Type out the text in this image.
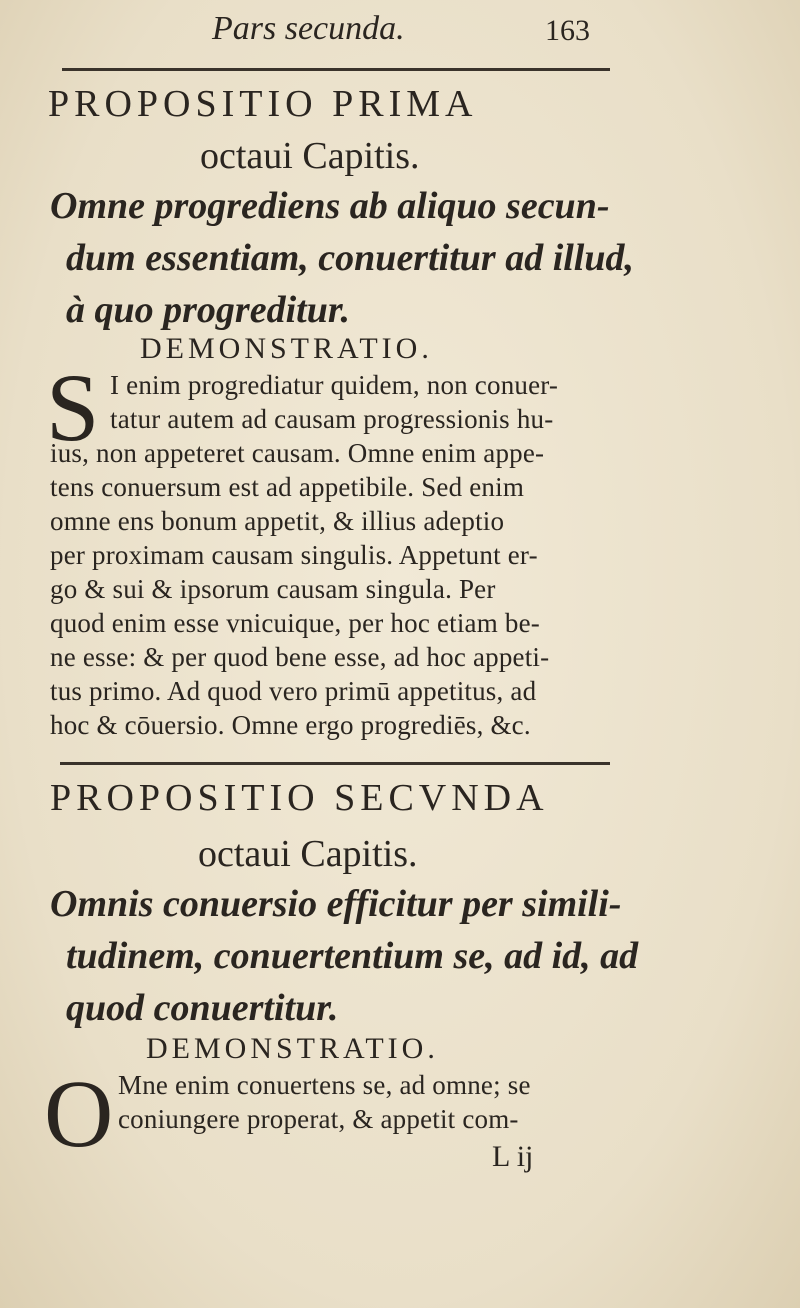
Pars secunda.	163
PROPOSITIO PRIMA
octaui Capitis.
Omne progrediens ab aliquo secun-
dum essentiam, conuertitur ad illud,
à quo progreditur.
DEMONSTRATIO.
S I enim progrediatur quidem, non conuer-
tatur autem ad causam progressionis hu-
ius, non appeteret causam. Omne enim appe-
tens conuersum est ad appetibile. Sed enim
omne ens bonum appetit, & illius adeptio
per proximam causam singulis. Appetunt er-
go & sui & ipsorum causam singula. Per
quod enim esse vnicuique, per hoc etiam be-
ne esse: & per quod bene esse, ad hoc appeti-
tus primo. Ad quod vero primū appetitus, ad
hoc & cōuersio. Omne ergo progrediēs, &c.
PROPOSITIO SECVNDA
octaui Capitis.
Omnis conuersio efficitur per simili-
tudinem, conuertentium se, ad id, ad
quod conuertitur.
DEMONSTRATIO.
O Mne enim conuertens se, ad omne; se
coniungere properat, & appetit com-
L ij
